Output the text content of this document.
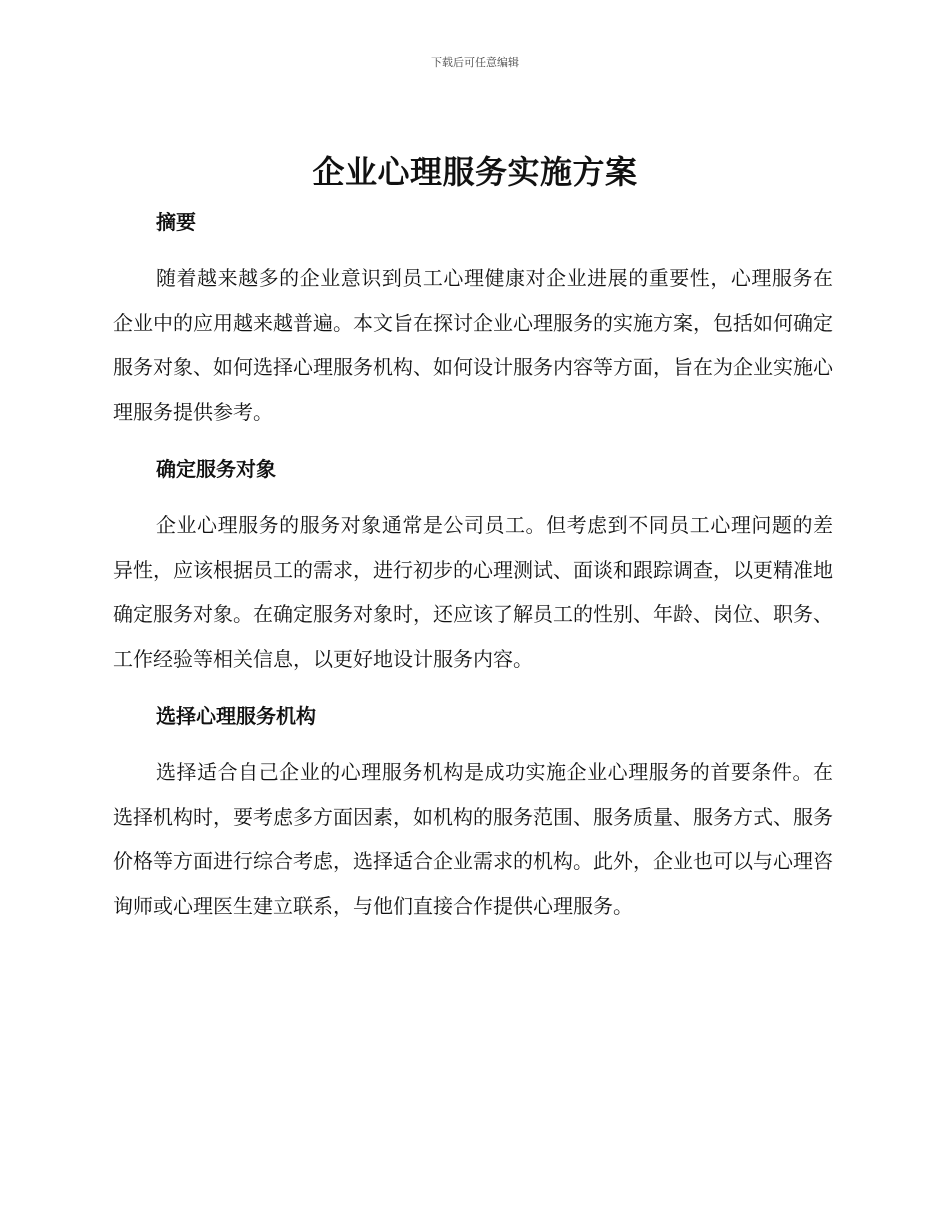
下载后可任意编辑
企业心理服务实施方案
摘要

随着越来越多的企业意识到员工心理健康对企业进展的重要性，心理服务在企业中的应用越来越普遍。本文旨在探讨企业心理服务的实施方案，包括如何确定服务对象、如何选择心理服务机构、如何设计服务内容等方面，旨在为企业实施心理服务提供参考。

确定服务对象

企业心理服务的服务对象通常是公司员工。但考虑到不同员工心理问题的差异性，应该根据员工的需求，进行初步的心理测试、面谈和跟踪调查，以更精准地确定服务对象。在确定服务对象时，还应该了解员工的性别、年龄、岗位、职务、工作经验等相关信息，以更好地设计服务内容。

选择心理服务机构

选择适合自己企业的心理服务机构是成功实施企业心理服务的首要条件。在选择机构时，要考虑多方面因素，如机构的服务范围、服务质量、服务方式、服务价格等方面进行综合考虑，选择适合企业需求的机构。此外，企业也可以与心理咨询师或心理医生建立联系，与他们直接合作提供心理服务。
